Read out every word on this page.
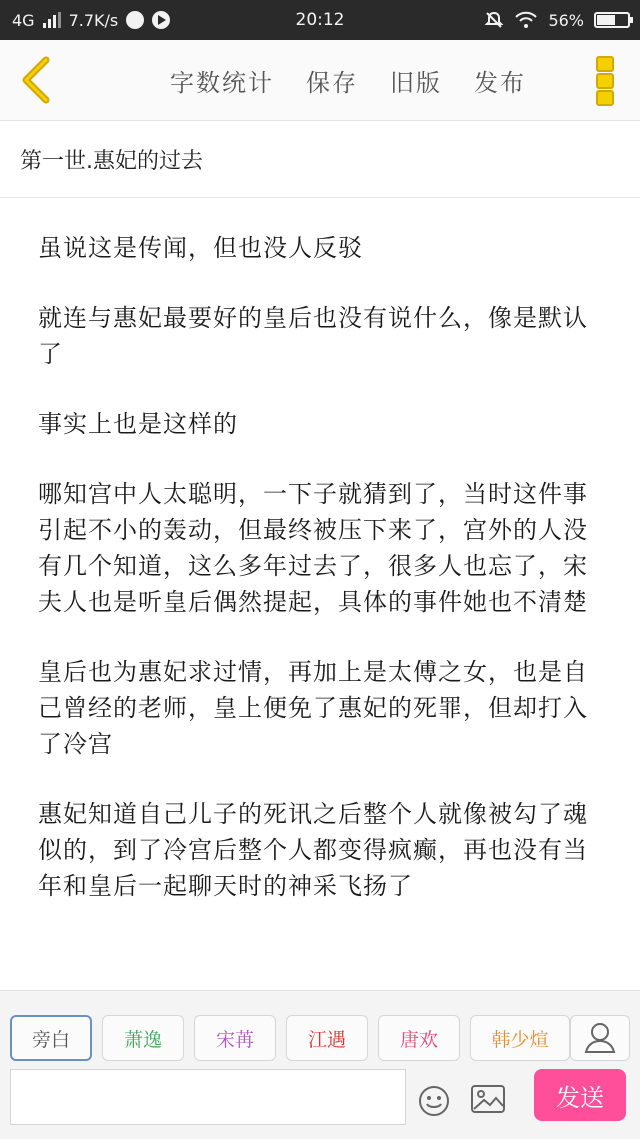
4G 7.7K/s	20:12	56%
字数统计 保存 旧版 发布
第一世.惠妃的过去

虽说这是传闻，但也没人反驳

就连与惠妃最要好的皇后也没有说什么，像是默认了

事实上也是这样的

哪知宫中人太聪明，一下子就猜到了，当时这件事引起不小的轰动，但最终被压下来了，宫外的人没有几个知道，这么多年过去了，很多人也忘了，宋夫人也是听皇后偶然提起，具体的事件她也不清楚

皇后也为惠妃求过情，再加上是太傅之女，也是自己曾经的老师，皇上便免了惠妃的死罪，但却打入了冷宫

惠妃知道自己儿子的死讯之后整个人就像被勾了魂似的，到了冷宫后整个人都变得疯癫，再也没有当年和皇后一起聊天时的神采飞扬了

旁白	萧逸	宋苒	江遇	唐欢	韩少煊
发送
